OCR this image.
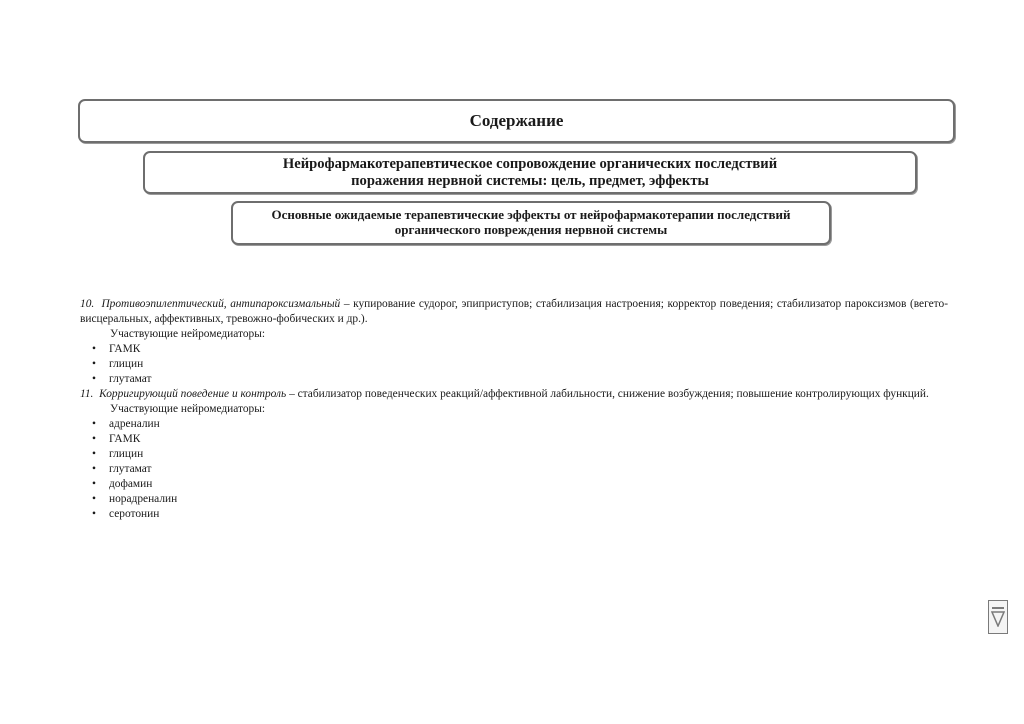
Содержание
Нейрофармакотерапевтическое сопровождение органических последствий
поражения нервной системы: цель, предмет, эффекты
Основные ожидаемые терапевтические эффекты от нейрофармакотерапии последствий
органического повреждения нервной системы

10. Противоэпилептический, антипароксизмальный – купирование судорог, эпиприступов; стабилизация настроения; корректор поведения; стабилизатор пароксизмов (вегето-висцеральных, аффективных, тревожно-фобических и др.).

Участвующие нейромедиаторы:

• ГАМК
• глицин
• глутамат

11. Корригирующий поведение и контроль – стабилизатор поведенческих реакций/аффективной лабильности, снижение возбуждения; повышение контролирующих функций.

Участвующие нейромедиаторы:

• адреналин
• ГАМК
• глицин
• глутамат
• дофамин
• норадреналин
• серотонин
